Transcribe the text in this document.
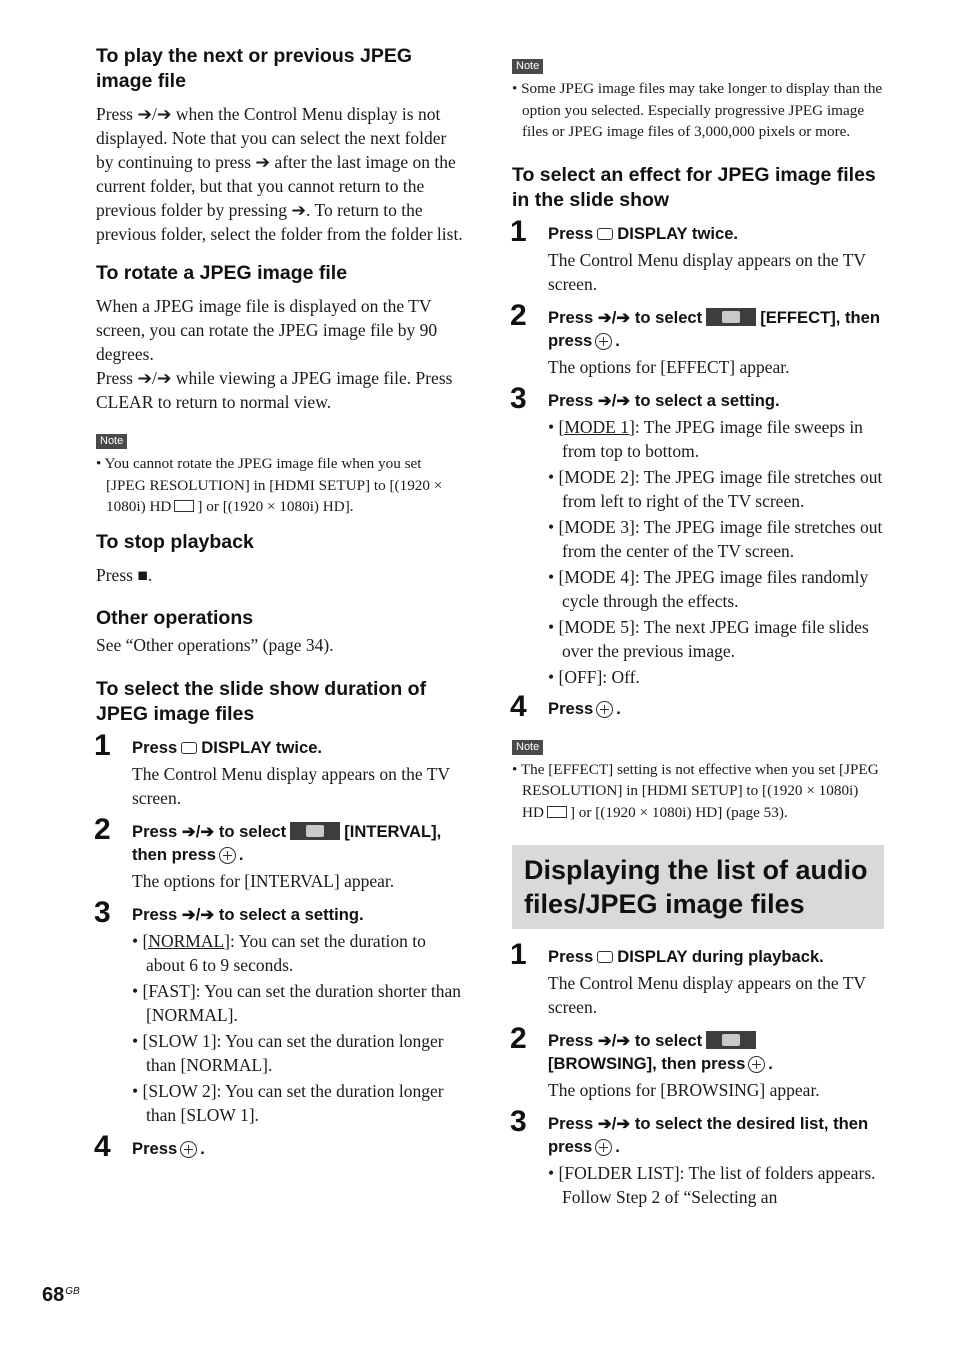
To play the next or previous JPEG image file

Press ➔/➔ when the Control Menu display is not displayed. Note that you can select the next folder by continuing to press ➔ after the last image on the current folder, but that you cannot return to the previous folder by pressing ➔. To return to the previous folder, select the folder from the folder list.

To rotate a JPEG image file

When a JPEG image file is displayed on the TV screen, you can rotate the JPEG image file by 90 degrees.

Press ➔/➔ while viewing a JPEG image file. Press CLEAR to return to normal view.

Note

• You cannot rotate the JPEG image file when you set [JPEG RESOLUTION] in [HDMI SETUP] to [(1920 × 1080i) HD ] or [(1920 × 1080i) HD].

To stop playback

Press ■.

Other operations

See “Other operations” (page 34).

To select the slide show duration of JPEG image files
1 Press DISPLAY twice.

The Control Menu display appears on the TV screen.

2 Press ➔/➔ to select	[INTERVAL], then press .

The options for [INTERVAL] appear.

3 Press ➔/➔ to select a setting.

• [NORMAL]: You can set the duration to about 6 to 9 seconds.
• [FAST]: You can set the duration shorter than [NORMAL].
• [SLOW 1]: You can set the duration longer than [NORMAL].
• [SLOW 2]: You can set the duration longer than [SLOW 1].
4 Press .

Note

• Some JPEG image files may take longer to display than the option you selected. Especially progressive JPEG image files or JPEG image files of 3,000,000 pixels or more.

To select an effect for JPEG image files in the slide show
1 Press DISPLAY twice.

The Control Menu display appears on the TV screen.

2 Press ➔/➔ to select	[EFFECT], then press .

The options for [EFFECT] appear.

3 Press ➔/➔ to select a setting.

• [MODE 1]: The JPEG image file sweeps in from top to bottom.
• [MODE 2]: The JPEG image file stretches out from left to right of the TV screen.
• [MODE 3]: The JPEG image file stretches out from the center of the TV screen.
• [MODE 4]: The JPEG image files randomly cycle through the effects.
• [MODE 5]: The next JPEG image file slides over the previous image.
• [OFF]: Off.
4 Press .

Note

• The [EFFECT] setting is not effective when you set [JPEG RESOLUTION] in [HDMI SETUP] to [(1920 × 1080i) HD ] or [(1920 × 1080i) HD] (page 53).

Displaying the list of audio files/JPEG image files
1 Press DISPLAY during playback.

The Control Menu display appears on the TV screen.

2 Press ➔/➔ to select

[BROWSING], then press .

The options for [BROWSING] appear.

3 Press ➔/➔ to select the desired list, then press .

• [FOLDER LIST]: The list of folders appears. Follow Step 2 of “Selecting an
$68^{GB}$
